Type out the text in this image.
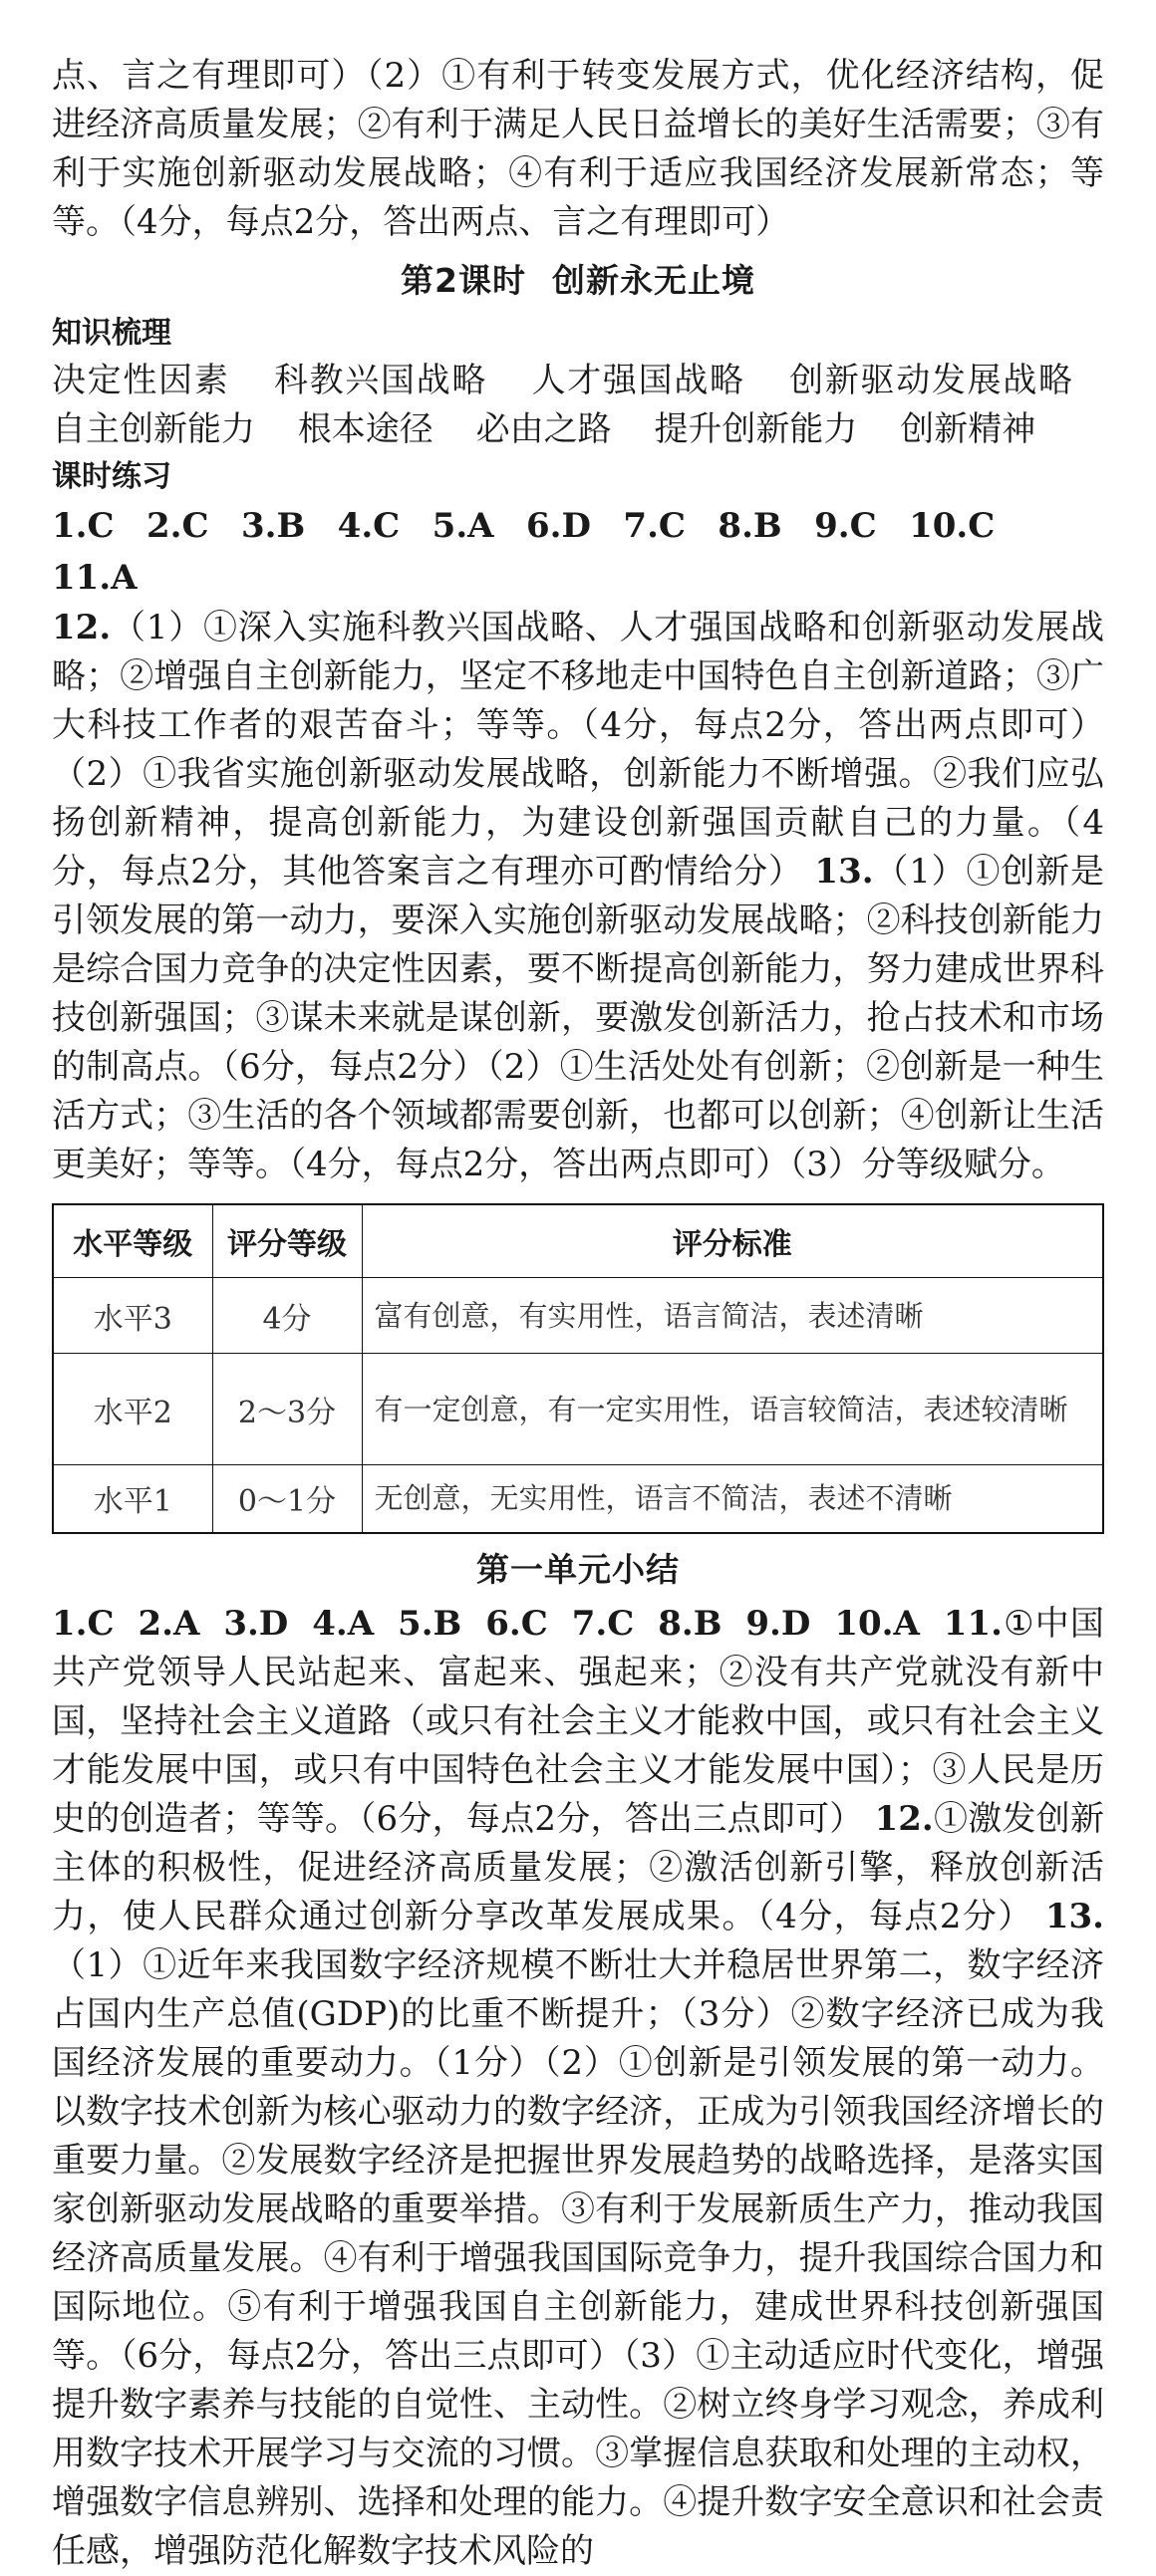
点、言之有理即可）（2）①有利于转变发展方式，优化经济结构，促进经济高质量发展；②有利于满足人民日益增长的美好生活需要；③有利于实施创新驱动发展战略；④有利于适应我国经济发展新常态；等等。（4分，每点2分，答出两点、言之有理即可）

第2课时 创新永无止境
知识梳理

决定性因素 科教兴国战略 人才强国战略 创新驱动发展战略 自主创新能力 根本途径 必由之路 提升创新能力 创新精神

课时练习

1.C 2.C 3.B 4.C 5.A 6.D 7.C 8.B 9.C 10.C   11.A

12.（1）①深入实施科教兴国战略、人才强国战略和创新驱动发展战略；②增强自主创新能力，坚定不移地走中国特色自主创新道路；③广大科技工作者的艰苦奋斗；等等。（4分，每点2分，答出两点即可）（2）①我省实施创新驱动发展战略，创新能力不断增强。②我们应弘扬创新精神，提高创新能力，为建设创新强国贡献自己的力量。（4分，每点2分，其他答案言之有理亦可酌情给分） 13.（1）①创新是引领发展的第一动力，要深入实施创新驱动发展战略；②科技创新能力是综合国力竞争的决定性因素，要不断提高创新能力，努力建成世界科技创新强国；③谋未来就是谋创新，要激发创新活力，抢占技术和市场的制高点。（6分，每点2分）（2）①生活处处有创新；②创新是一种生活方式；③生活的各个领域都需要创新，也都可以创新；④创新让生活更美好；等等。（4分，每点2分，答出两点即可）（3）分等级赋分。

水平等级	评分等级	评分标准
水平3	4分	富有创意，有实用性，语言简洁，表述清晰
水平2	2～3分	有一定创意，有一定实用性，语言较简洁，表述较清晰
水平1	0～1分	无创意，无实用性，语言不简洁，表述不清晰
第一单元小结

1.C 2.A 3.D 4.A 5.B 6.C 7.C 8.B 9.D 10.A 11.①中国共产党领导人民站起来、富起来、强起来；②没有共产党就没有新中国，坚持社会主义道路（或只有社会主义才能救中国，或只有社会主义才能发展中国，或只有中国特色社会主义才能发展中国）；③人民是历史的创造者；等等。（6分，每点2分，答出三点即可） 12.①激发创新主体的积极性，促进经济高质量发展；②激活创新引擎，释放创新活力，使人民群众通过创新分享改革发展成果。（4分，每点2分） 13.（1）①近年来我国数字经济规模不断壮大并稳居世界第二，数字经济占国内生产总值(GDP)的比重不断提升；（3分）②数字经济已成为我国经济发展的重要动力。（1分）（2）①创新是引领发展的第一动力。以数字技术创新为核心驱动力的数字经济，正成为引领我国经济增长的重要力量。②发展数字经济是把握世界发展趋势的战略选择，是落实国家创新驱动发展战略的重要举措。③有利于发展新质生产力，推动我国经济高质量发展。④有利于增强我国国际竞争力，提升我国综合国力和国际地位。⑤有利于增强我国自主创新能力，建成世界科技创新强国等。（6分，每点2分，答出三点即可）（3）①主动适应时代变化，增强提升数字素养与技能的自觉性、主动性。②树立终身学习观念，养成利用数字技术开展学习与交流的习惯。③掌握信息获取和处理的主动权，增强数字信息辨别、选择和处理的能力。④提升数字安全意识和社会责任感，增强防范化解数字技术风险的
